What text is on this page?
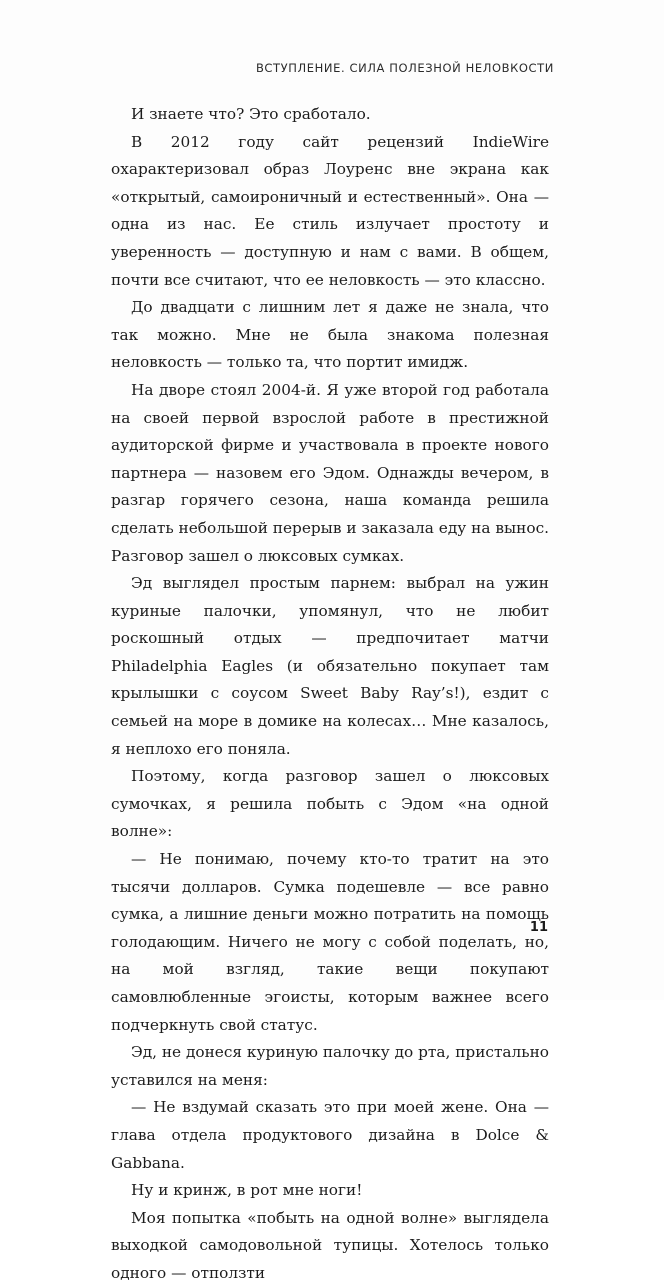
ВСТУПЛЕНИЕ. СИЛА ПОЛЕЗНОЙ НЕЛОВКОСТИ

И знаете что? Это сработало.

В 2012 году сайт рецензий IndieWire охарактеризовал образ Лоуренс вне экрана как «открытый, самоироничный и естественный». Она — одна из нас. Ее стиль излучает простоту и уверенность — доступную и нам с вами. В общем, почти все считают, что ее неловкость — это классно.

До двадцати с лишним лет я даже не знала, что так можно. Мне не была знакома полезная неловкость — только та, что портит имидж.

На дворе стоял 2004-й. Я уже второй год работала на своей первой взрослой работе в престижной аудиторской фирме и участвовала в проекте нового партнера — назовем его Эдом. Однажды вечером, в разгар горячего сезона, наша команда решила сделать небольшой перерыв и заказала еду на вынос. Разговор зашел о люксовых сумках.

Эд выглядел простым парнем: выбрал на ужин куриные палочки, упомянул, что не любит роскошный отдых — предпочитает матчи Philadelphia Eagles (и обязательно покупает там крылышки с соусом Sweet Baby Ray’s!), ездит с семьей на море в домике на колесах… Мне казалось, я неплохо его поняла.

Поэтому, когда разговор зашел о люксовых сумочках, я решила побыть с Эдом «на одной волне»:

— Не понимаю, почему кто-то тратит на это тысячи долларов. Сумка подешевле — все равно сумка, а лишние деньги можно потратить на помощь голодающим. Ничего не могу с собой поделать, но, на мой взгляд, такие вещи покупают самовлюбленные эгоисты, которым важнее всего подчеркнуть свой статус.

Эд, не донеся куриную палочку до рта, пристально уставился на меня:

— Не вздумай сказать это при моей жене. Она — глава отдела продуктового дизайна в Dolce & Gabbana.

Ну и кринж, в рот мне ноги!

Моя попытка «побыть на одной волне» выглядела выходкой самодовольной тупицы. Хотелось только одного — отползти

11
